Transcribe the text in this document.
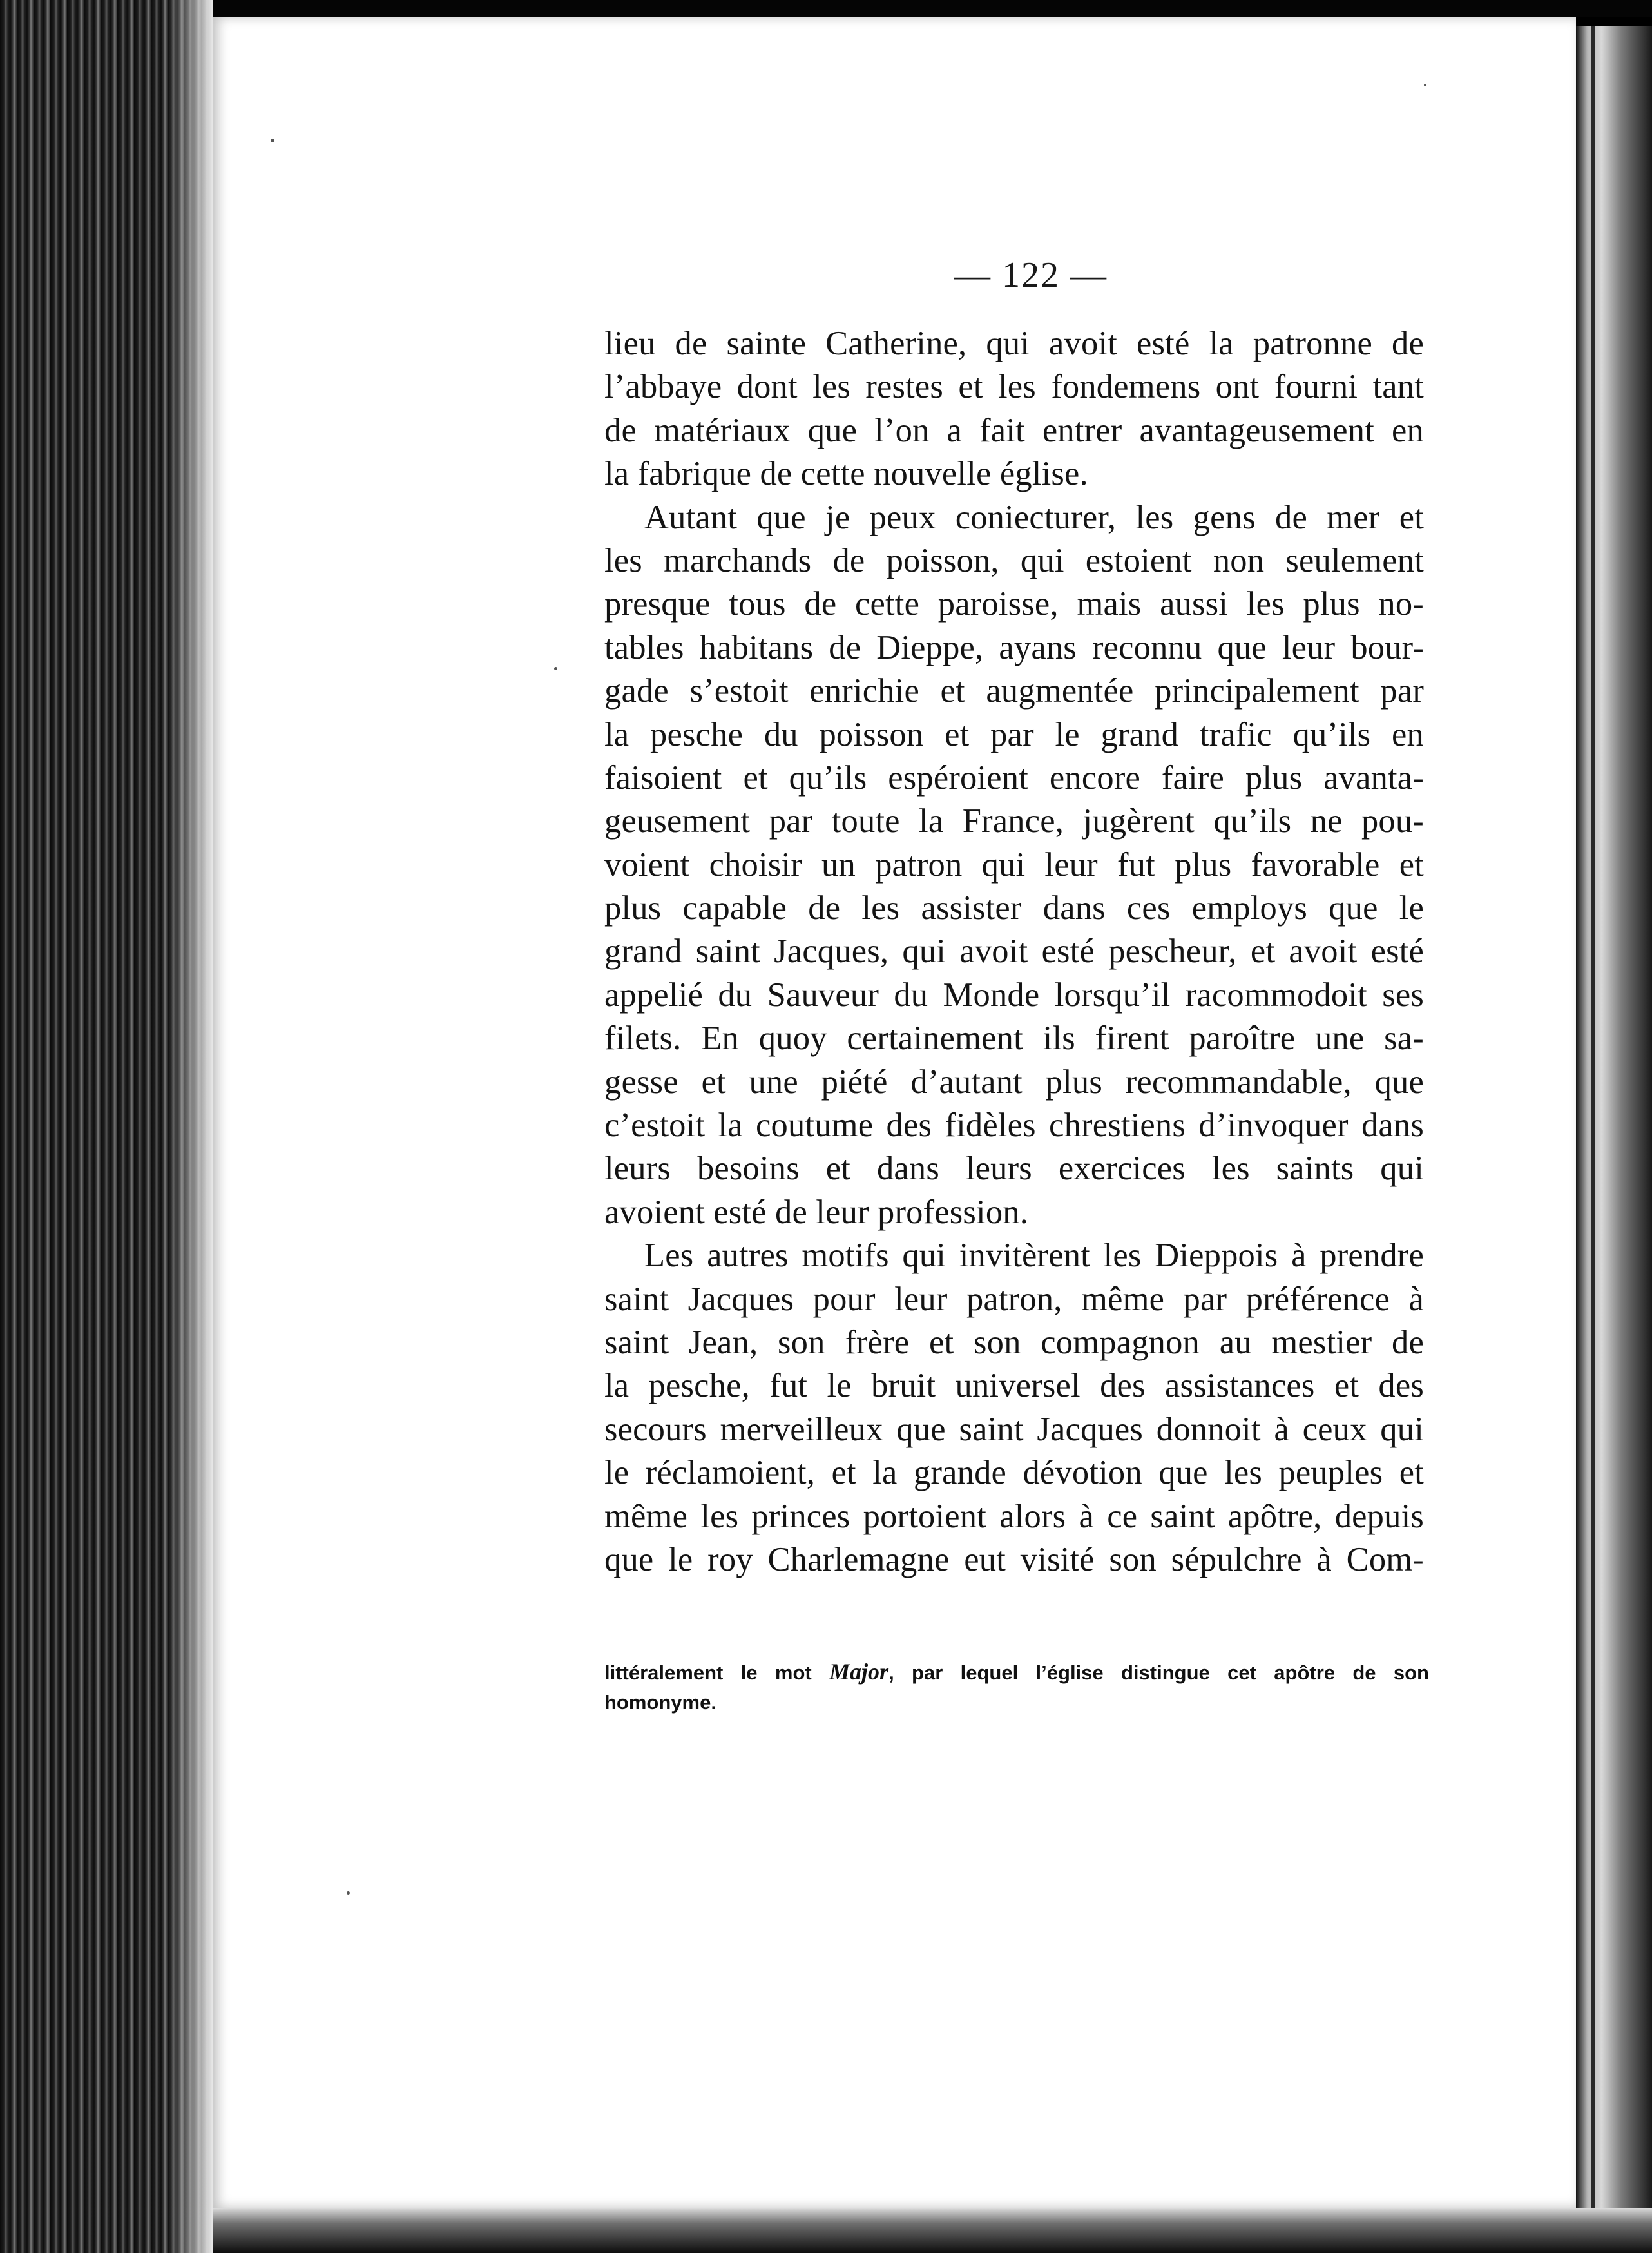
— 122 —
lieu de sainte Catherine, qui avoit esté la patronne de
l’abbaye dont les restes et les fondemens ont fourni tant
de matériaux que l’on a fait entrer avantageusement en
la fabrique de cette nouvelle église.
Autant que je peux coniecturer, les gens de mer et
les marchands de poisson, qui estoient non seulement
presque tous de cette paroisse, mais aussi les plus no-
tables habitans de Dieppe, ayans reconnu que leur bour-
gade s’estoit enrichie et augmentée principalement par
la pesche du poisson et par le grand trafic qu’ils en
faisoient et qu’ils espéroient encore faire plus avanta-
geusement par toute la France, jugèrent qu’ils ne pou-
voient choisir un patron qui leur fut plus favorable et
plus capable de les assister dans ces employs que le
grand saint Jacques, qui avoit esté pescheur, et avoit esté
appelié du Sauveur du Monde lorsqu’il racommodoit ses
filets. En quoy certainement ils firent paroître une sa-
gesse et une piété d’autant plus recommandable, que
c’estoit la coutume des fidèles chrestiens d’invoquer dans
leurs besoins et dans leurs exercices les saints qui
avoient esté de leur profession.
Les autres motifs qui invitèrent les Dieppois à prendre
saint Jacques pour leur patron, même par préférence à
saint Jean, son frère et son compagnon au mestier de
la pesche, fut le bruit universel des assistances et des
secours merveilleux que saint Jacques donnoit à ceux qui
le réclamoient, et la grande dévotion que les peuples et
même les princes portoient alors à ce saint apôtre, depuis
que le roy Charlemagne eut visité son sépulchre à Com-
littéralement le mot Major, par lequel l’église distingue cet apôtre de son
homonyme.
